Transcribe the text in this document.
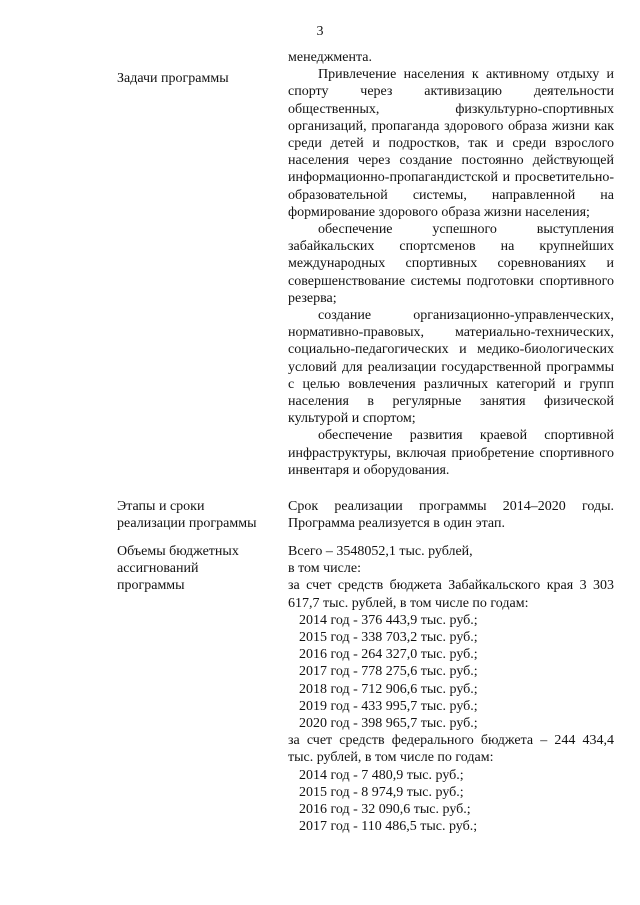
3
Задачи программы
менеджмента.

Привлечение населения к активному отдыху и спорту через активизацию деятельности общественных, физкультурно-спортивных организаций, пропаганда здорового образа жизни как среди детей и подростков, так и среди взрослого населения через создание постоянно действующей информационно-пропагандистской и просветительно-образовательной системы, направленной на формирование здорового образа жизни населения;

обеспечение успешного выступления забайкальских спортсменов на крупнейших международных спортивных соревнованиях и совершенствование системы подготовки спортивного резерва;

создание организационно-управленческих, нормативно-правовых, материально-технических, социально-педагогических и медико-биологических условий для реализации государственной программы с целью вовлечения различных категорий и групп населения в регулярные занятия физической культурой и спортом;

обеспечение развития краевой спортивной инфраструктуры, включая приобретение спортивного инвентаря и оборудования.

Этапы и сроки
реализации программы

Срок реализации программы 2014–2020 годы. Программа реализуется в один этап.

Объемы бюджетных
ассигнований
программы
Всего – 3548052,1 тыс. рублей,
в том числе:

за счет средств бюджета Забайкальского края 3 303 617,7 тыс. рублей, в том числе по годам:

2014 год - 376 443,9 тыс. руб.;
2015 год - 338 703,2 тыс. руб.;
2016 год - 264 327,0 тыс. руб.;
2017 год - 778 275,6 тыс. руб.;
2018 год - 712 906,6 тыс. руб.;
2019 год - 433 995,7 тыс. руб.;
2020 год - 398 965,7 тыс. руб.;

за счет средств федерального бюджета – 244 434,4 тыс. рублей, в том числе по годам:

2014 год - 7 480,9 тыс. руб.;
2015 год - 8 974,9 тыс. руб.;
2016 год - 32 090,6 тыс. руб.;
2017 год - 110 486,5 тыс. руб.;
